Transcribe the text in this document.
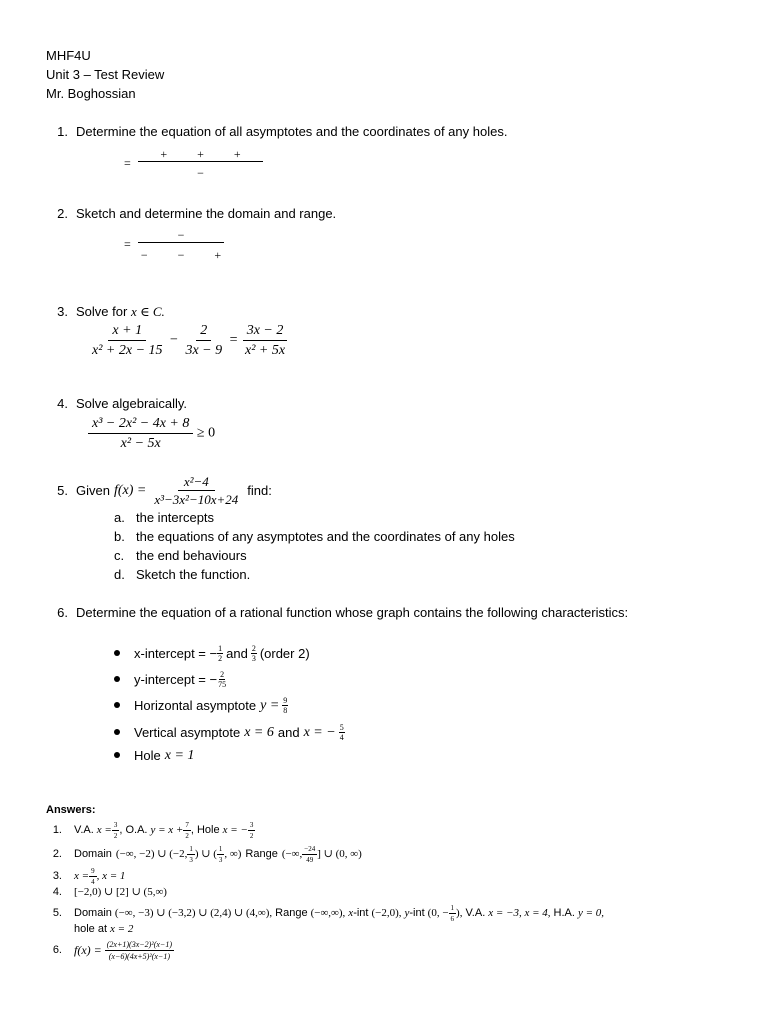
MHF4U
Unit 3 – Test Review
Mr. Boghossian
1. Determine the equation of all asymptotes and the coordinates of any holes.
=
+          +          +
−
2. Sketch and determine the domain and range.
=
−
−          −          +
3. Solve for x ∈ C.
$\frac{x + 1}{\text{x² + 2x − 15}} - \frac{2}{3x - 9} = \frac{3x - 2}{\text{x² + 5x}}$
4. Solve algebraically.
$\frac{\text{x³ − 2x² − 4x + 8}}{\text{x² − 5x}} \ge 0$
5. Given $f(x) = \frac{\text{x²−4}}{\text{x³−3x²−10x+24}}$ find:
a. the intercepts
b. the equations of any asymptotes and the coordinates of any holes
c. the end behaviours
d. Sketch the function.
6. Determine the equation of a rational function whose graph contains the following characteristics:
x-intercept = − $\frac{1}{2}$ and $\frac{2}{3}$ (order 2)
y-intercept = − $\frac{2}{75}$
Horizontal asymptote $y = \frac{9}{8}$
Vertical asymptote x = 6 and x = − $\frac{5}{4}$
Hole x = 1
Answers:
1. V.A. $x = \frac{3}{2}$ , O.A. $y = x + \frac{7}{2}$ , Hole x = − $\frac{3}{2}$
2. Domain (−∞, −2) ∪ (−2, $\frac{1}{3}$ ) ∪ ( $\frac{1}{3}$ , ∞) Range (−∞, $\frac{-24}{49}$ ] ∪ (0, ∞)
3. $x = \frac{9}{4}$ , x = 1
4. [−2,0) ∪ [2] ∪ (5,∞)
5. Domain (−∞, −3) ∪ (−3,2) ∪ (2,4) ∪ (4,∞), Range (−∞,∞), x -int (−2,0), y -int (0, − $\frac{1}{6}$ ), V.A. x = −3, x = 4, H.A. y = 0,
hole at x = 2
6. $f(x) = \frac{\text{(2x+1)(3x−2)²(x−1)}}{\text{(x−6)(4x+5)²(x−1)}}$
